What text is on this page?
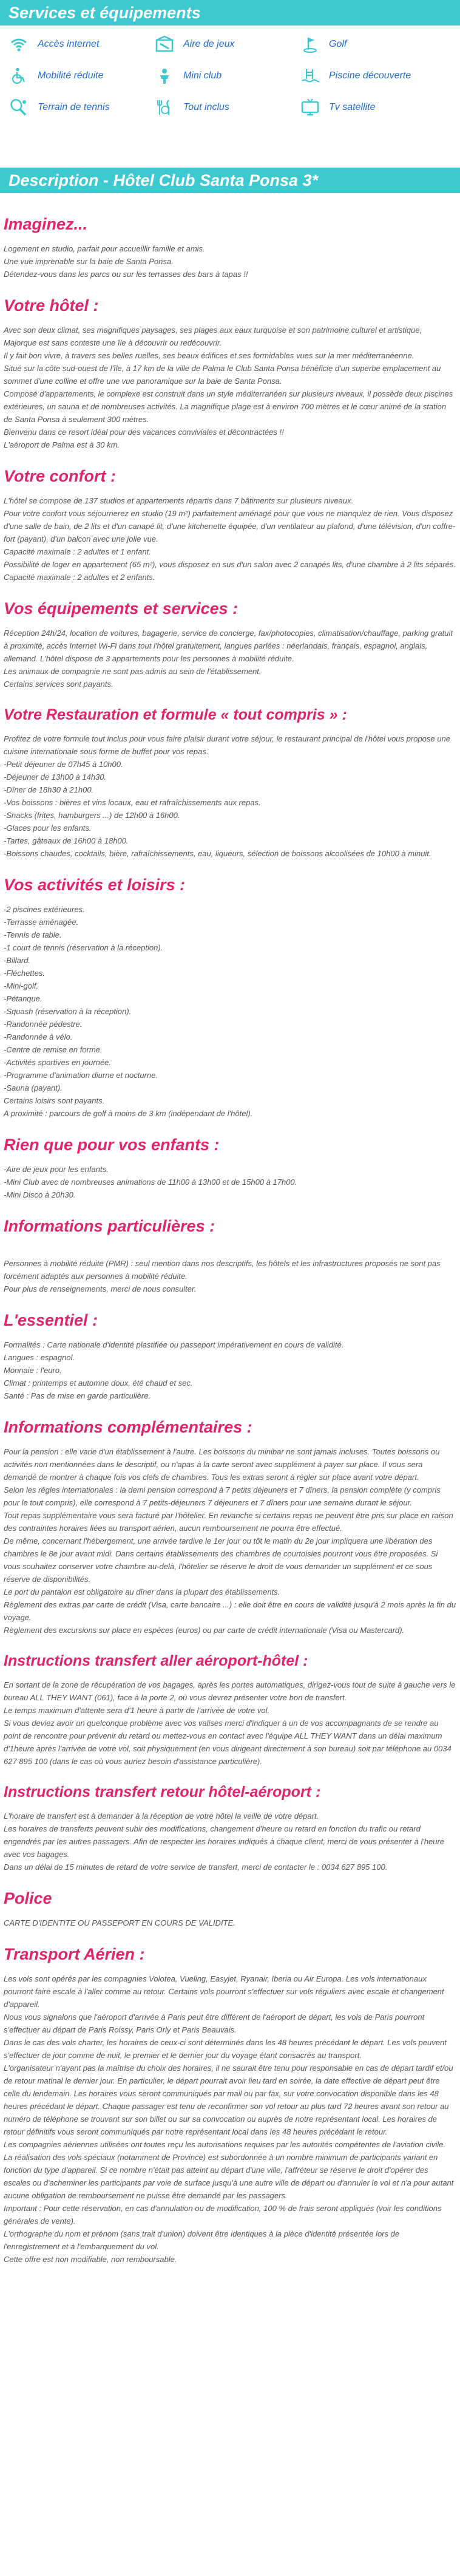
Services et équipements
Accès internet	Aire de jeux	Golf
Mobilité réduite	Mini club	Piscine découverte
Terrain de tennis	Tout inclus	Tv satellite
Description - Hôtel Club Santa Ponsa 3*
Imaginez...

Logement en studio, parfait pour accueillir famille et amis.
Une vue imprenable sur la baie de Santa Ponsa.
Détendez-vous dans les parcs ou sur les terrasses des bars à tapas !!

Votre hôtel :

Avec son deux climat, ses magnifiques paysages, ses plages aux eaux turquoise et son patrimoine culturel et artistique, Majorque est sans conteste une île à découvrir ou redécouvrir.
Il y fait bon vivre, à travers ses belles ruelles, ses beaux édifices et ses formidables vues sur la mer méditerranéenne.
Situé sur la côte sud-ouest de l'île, à 17 km de la ville de Palma le Club Santa Ponsa bénéficie d'un superbe emplacement au sommet d'une colline et offre une vue panoramique sur la baie de Santa Ponsa.
Composé d'appartements, le complexe est construit dans un style méditerranéen sur plusieurs niveaux, il possède deux piscines extérieures, un sauna et de nombreuses activités. La magnifique plage est à environ 700 mètres et le cœur animé de la station de Santa Ponsa à seulement 300 mètres.
Bienvenu dans ce resort idéal pour des vacances conviviales et décontractées !!
L'aéroport de Palma est à 30 km.

Votre confort :

L'hôtel se compose de 137 studios et appartements répartis dans 7 bâtiments sur plusieurs niveaux.
Pour votre confort vous séjournerez en studio (19 m²) parfaitement aménagé pour que vous ne manquiez de rien. Vous disposez d'une salle de bain, de 2 lits et d'un canapé lit, d'une kitchenette équipée, d'un ventilateur au plafond, d'une télévision, d'un coffre-fort (payant), d'un balcon avec une jolie vue.
Capacité maximale : 2 adultes et 1 enfant.
Possibilité de loger en appartement (65 m²), vous disposez en sus d'un salon avec 2 canapés lits, d'une chambre à 2 lits séparés.
Capacité maximale : 2 adultes et 2 enfants.

Vos équipements et services :

Réception 24h/24, location de voitures, bagagerie, service de concierge, fax/photocopies, climatisation/chauffage, parking gratuit à proximité, accès Internet Wi-Fi dans tout l'hôtel gratuitement, langues parlées : néerlandais, français, espagnol, anglais, allemand. L'hôtel dispose de 3 appartements pour les personnes à mobilité réduite.
Les animaux de compagnie ne sont pas admis au sein de l'établissement.
Certains services sont payants.

Votre Restauration et formule « tout compris » :

Profitez de votre formule tout inclus pour vous faire plaisir durant votre séjour, le restaurant principal de l'hôtel vous propose une cuisine internationale sous forme de buffet pour vos repas.
-Petit déjeuner de 07h45 à 10h00.
-Déjeuner de 13h00 à 14h30.
-Dîner de 18h30 à 21h00.
-Vos boissons : bières et vins locaux, eau et rafraîchissements aux repas.
-Snacks (frites, hamburgers ...) de 12h00 à 16h00.
-Glaces pour les enfants.
-Tartes, gâteaux de 16h00 à 18h00.
-Boissons chaudes, cocktails, bière, rafraîchissements, eau, liqueurs, sélection de boissons alcoolisées de 10h00 à minuit.

Vos activités et loisirs :

-2 piscines extérieures.
-Terrasse aménagée.
-Tennis de table.
-1 court de tennis (réservation à la réception).
-Billard.
-Fléchettes.
-Mini-golf.
-Pétanque.
-Squash (réservation à la réception).
-Randonnée pédestre.
-Randonnée à vélo.
-Centre de remise en forme.
-Activités sportives en journée.
-Programme d'animation diurne et nocturne.
-Sauna (payant).
Certains loisirs sont payants.
A proximité : parcours de golf à moins de 3 km (indépendant de l'hôtel).

Rien que pour vos enfants :

-Aire de jeux pour les enfants.
-Mini Club avec de nombreuses animations de 11h00 à 13h00 et de 15h00 à 17h00.
-Mini Disco à 20h30.

Informations particulières :

Personnes à mobilité réduite (PMR) : seul mention dans nos descriptifs, les hôtels et les infrastructures proposés ne sont pas forcément adaptés aux personnes à mobilité réduite.
Pour plus de renseignements, merci de nous consulter.

L'essentiel :

Formalités : Carte nationale d'identité plastifiée ou passeport impérativement en cours de validité.
Langues : espagnol.
Monnaie : l'euro.
Climat : printemps et automne doux, été chaud et sec.
Santé : Pas de mise en garde particulière.

Informations complémentaires :

Pour la pension : elle varie d'un établissement à l'autre. Les boissons du minibar ne sont jamais incluses. Toutes boissons ou activités non mentionnées dans le descriptif, ou n'apas à la carte seront avec supplément à payer sur place. Il vous sera demandé de montrer à chaque fois vos clefs de chambres. Tous les extras seront à régler sur place avant votre départ.
Selon les règles internationales : la demi pension correspond à 7 petits déjeuners et 7 dîners, la pension complète (y compris pour le tout compris), elle correspond à 7 petits-déjeuners 7 déjeuners et 7 dîners pour une semaine durant le séjour.
Tout repas supplémentaire vous sera facturé par l'hôtelier. En revanche si certains repas ne peuvent être pris sur place en raison des contraintes horaires liées au transport aérien, aucun remboursement ne pourra être effectué.
De même, concernant l'hébergement, une arrivée tardive le 1er jour ou tôt le matin du 2e jour impliquera une libération des chambres le 8e jour avant midi. Dans certains établissements des chambres de courtoisies pourront vous être proposées. Si vous souhaitez conserver votre chambre au-delà, l'hôtelier se réserve le droit de vous demander un supplément et ce sous réserve de disponibilités.
Le port du pantalon est obligatoire au dîner dans la plupart des établissements.
Règlement des extras par carte de crédit (Visa, carte bancaire ...) : elle doit être en cours de validité jusqu'à 2 mois après la fin du voyage.
Règlement des excursions sur place en espèces (euros) ou par carte de crédit internationale (Visa ou Mastercard).

Instructions transfert aller aéroport-hôtel :

En sortant de la zone de récupération de vos bagages, après les portes automatiques, dirigez-vous tout de suite à gauche vers le bureau ALL THEY WANT (061), face à la porte 2, où vous devrez présenter votre bon de transfert.
Le temps maximum d'attente sera d'1 heure à partir de l'arrivée de votre vol.
Si vous deviez avoir un quelconque problème avec vos valises merci d'indiquer à un de vos accompagnants de se rendre au point de rencontre pour prévenir du retard ou mettez-vous en contact avec l'équipe ALL THEY WANT dans un délai maximum d'1heure après l'arrivée de votre vol, soit physiquement (en vous dirigeant directement à son bureau) soit par téléphone au 0034 627 895 100 (dans le cas où vous auriez besoin d'assistance particulière).

Instructions transfert retour hôtel-aéroport :

L'horaire de transfert est à demander à la réception de votre hôtel la veille de votre départ.
Les horaires de transferts peuvent subir des modifications, changement d'heure ou retard en fonction du trafic ou retard engendrés par les autres passagers. Afin de respecter les horaires indiqués à chaque client, merci de vous présenter à l'heure avec vos bagages.
Dans un délai de 15 minutes de retard de votre service de transfert, merci de contacter le : 0034 627 895 100.

Police

CARTE D'IDENTITE OU PASSEPORT EN COURS DE VALIDITE.

Transport Aérien :

Les vols sont opérés par les compagnies Volotea, Vueling, Easyjet, Ryanair, Iberia ou Air Europa. Les vols internationaux pourront faire escale à l'aller comme au retour. Certains vols pourront s'effectuer sur vols réguliers avec escale et changement d'appareil.
Nous vous signalons que l'aéroport d'arrivée à Paris peut être différent de l'aéroport de départ, les vols de Paris pourront s'effectuer au départ de Paris Roissy, Paris Orly et Paris Beauvais.
Dans le cas des vols charter, les horaires de ceux-ci sont déterminés dans les 48 heures précédant le départ. Les vols peuvent s'effectuer de jour comme de nuit, le premier et le dernier jour du voyage étant consacrés au transport.
L'organisateur n'ayant pas la maîtrise du choix des horaires, il ne saurait être tenu pour responsable en cas de départ tardif et/ou de retour matinal le dernier jour. En particulier, le départ pourrait avoir lieu tard en soirée, la date effective de départ peut être celle du lendemain. Les horaires vous seront communiqués par mail ou par fax, sur votre convocation disponible dans les 48 heures précédant le départ. Chaque passager est tenu de reconfirmer son vol retour au plus tard 72 heures avant son retour au numéro de téléphone se trouvant sur son billet ou sur sa convocation ou auprès de notre représentant local. Les horaires de retour définitifs vous seront communiqués par notre représentant local dans les 48 heures précédant le retour.
Les compagnies aériennes utilisées ont toutes reçu les autorisations requises par les autorités compétentes de l'aviation civile.
La réalisation des vols spéciaux (notamment de Province) est subordonnée à un nombre minimum de participants variant en fonction du type d'appareil. Si ce nombre n'était pas atteint au départ d'une ville, l'affréteur se réserve le droit d'opérer des escales ou d'acheminer les participants par voie de surface jusqu'à une autre ville de départ ou d'annuler le vol et n'a pour autant aucune obligation de remboursement ne puisse être demandé par les passagers.
Important : Pour cette réservation, en cas d'annulation ou de modification, 100 % de frais seront appliqués (voir les conditions générales de vente).
L'orthographe du nom et prénom (sans trait d'union) doivent être identiques à la pièce d'identité présentée lors de l'enregistrement et à l'embarquement du vol.
Cette offre est non modifiable, non remboursable.
